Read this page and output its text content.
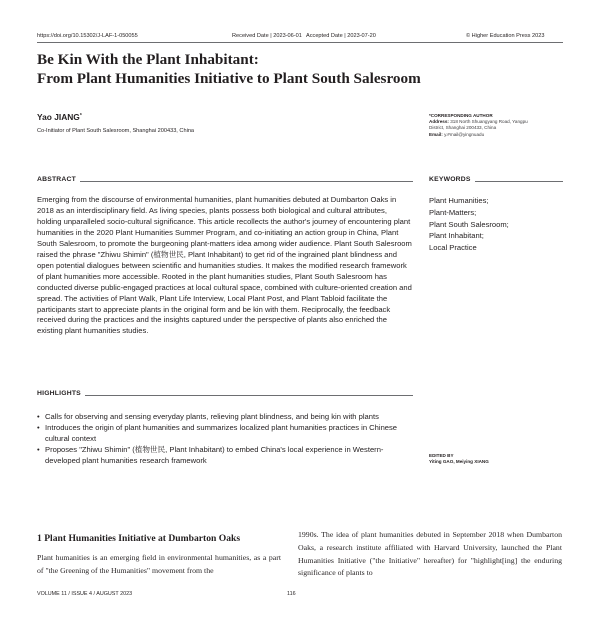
https://doi.org/10.15302/J-LAF-1-050055	Received Date | 2023-06-01 Accepted Date | 2023-07-20	© Higher Education Press 2023
Be Kin With the Plant Inhabitant:
From Plant Humanities Initiative to Plant South Salesroom
Yao JIANG*
Co-Initiator of Plant South Salesroom, Shanghai 200433, China
*CORRESPONDING AUTHOR
Address: 318 North Shuangyang Road, Yangpu
District, Shanghai 200433, China
Email: y.#mail@yingnuadu
ABSTRACT	KEYWORDS
Emerging from the discourse of environmental humanities, plant humanities debuted at Dumbarton Oaks in 2018 as an interdisciplinary field. As living species, plants possess both biological and cultural attributes, holding unparalleled socio-cultural significance. This article recollects the author's journey of encountering plant humanities in the 2020 Plant Humanities Summer Program, and co-initiating an action group in China, Plant South Salesroom, to promote the burgeoning plant-matters idea among wider audience. Plant South Salesroom raised the phrase "Zhiwu Shimin" (植物世民, Plant Inhabitant) to get rid of the ingrained plant blindness and open potential dialogues between scientific and humanities studies. It makes the modified research framework of plant humanities more accessible. Rooted in the plant humanities studies, Plant South Salesroom has conducted diverse public-engaged practices at local cultural space, combined with culture-oriented creation and spread. The activities of Plant Walk, Plant Life Interview, Local Plant Post, and Plant Tabloid facilitate the participants start to appreciate plants in the original form and be kin with them. Reciprocally, the feedback received during the practices and the insights captured under the perspective of plants also enriched the existing plant humanities studies.
Plant Humanities;
Plant-Matters;
Plant South Salesroom;
Plant Inhabitant;
Local Practice
HIGHLIGHTS
• Calls for observing and sensing everyday plants, relieving plant blindness, and being kin with plants
• Introduces the origin of plant humanities and summarizes localized plant humanities practices in Chinese cultural context
• Proposes "Zhiwu Shimin" (植物世民, Plant Inhabitant) to embed China's local experience in Western-developed plant humanities research framework
EDITED BY
Yiting GAO, Meiying XIANG
1 Plant Humanities Initiative at Dumbarton Oaks
Plant humanities is an emerging field in environmental humanities, as a part of "the Greening of the Humanities" movement from the
1990s. The idea of plant humanities debuted in September 2018 when Dumbarton Oaks, a research institute affiliated with Harvard University, launched the Plant Humanities Initiative ("the Initiative" hereafter) for "highlight[ing] the enduring significance of plants to
VOLUME 11 / ISSUE 4 / AUGUST 2023	116
